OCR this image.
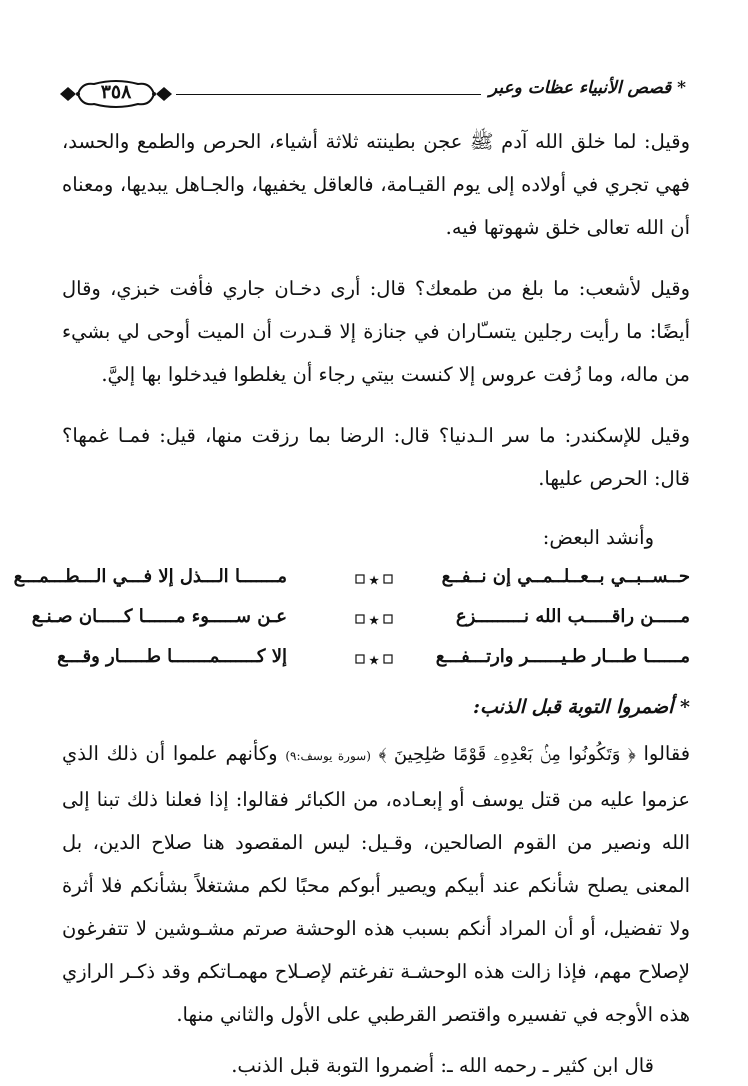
* قصص الأنبياء عظات وعبر
٣٥٨

وقيل: لما خلق الله آدم ﷺ عجن بطينته ثلاثة أشياء، الحرص والطمع والحسد، فهي تجري في أولاده إلى يوم القيـامة، فالعاقل يخفيها، والجـاهل يبديها، ومعناه أن الله تعالى خلق شهوتها فيه.

وقيل لأشعب: ما بلغ من طمعك؟ قال: أرى دخـان جاري فأفت خبزي، وقال أيضًا: ما رأيت رجلين يتسـّاران في جنازة إلا قـدرت أن الميت أوحى لي بشيء من ماله، وما زُفت عروس إلا كنست بيتي رجاء أن يغلطوا فيدخلوا بها إليَّ.

وقيل للإسكندر: ما سر الـدنيا؟ قال: الرضا بما رزقت منها، قيل: فمـا غمها؟ قال: الحرص عليها.

وأنشد البعض:

حــســبــي بــعــلــمــي إن نــفــع
★
مـــــــا الـــذل إلا فـــي الـــطـــمـــع
مـــــن راقـــــب الله نـــــــــزع
★
عـن ســـــوء مــــــا كـــــان صـنـع
مــــــا طـــار طـيــــــر وارتـــفـــع
★
إلا كـــــــمـــــــا طـــــار وقـــع
* أضمروا التوبة قبل الذنب:

فقالوا ﴿ وَتَكُونُوا مِنۢ بَعْدِهِۦ قَوْمًا صَٰلِحِينَ ﴾ (سورة يوسف:٩) وكأنهم علموا أن ذلك الذي عزموا عليه من قتل يوسف أو إبعـاده، من الكبائر فقالوا: إذا فعلنا ذلك تبنا إلى الله ونصير من القوم الصالحين، وقـيل: ليس المقصود هنا صلاح الدين، بل المعنى يصلح شأنكم عند أبيكم ويصير أبوكم محبًا لكم مشتغلاً بشأنكم فلا أثرة ولا تفضيل، أو أن المراد أنكم بسبب هذه الوحشة صرتم مشـوشين لا تتفرغون لإصلاح مهم، فإذا زالت هذه الوحشـة تفرغتم لإصـلاح مهمـاتكم وقد ذكـر الرازي هذه الأوجه في تفسيره واقتصر القرطبي على الأول والثاني منها.

قال ابن كثير ـ رحمه الله ـ: أضمروا التوبة قبل الذنب.
